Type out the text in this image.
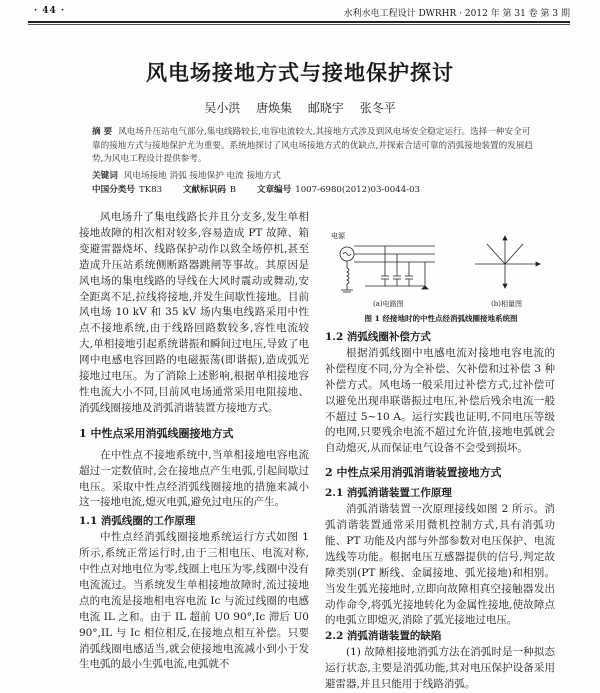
· 44 ·	水利水电工程设计 DWRHR · 2012 年 第 31 卷 第 3 期
风电场接地方式与接地保护探讨
吴小洪 唐焕集 邮晓宇 张冬平
摘 要 风电场升压站电气部分,集电线路较长,电容电流较大,其接地方式涉及到风电场安全稳定运行。选择一种安全可靠的接地方式与接地保护尤为重要。系统地探讨了风电场接地方式的优缺点,并探索合适可靠的消弧接地装置的发展趋势,为风电工程设计提供参考。
关键词 风电场接地 消弧 接地保护 电流 接地方式
中国分类号 TK83 文献标识码 B 文章编号 1007-6980(2012)03-0044-03

风电场升了集电线路长并且分支多,发生单相接地故障的相次相对较多,容易造成 PT 故障、箱变避雷器烧坏、线路保护动作以致全场停机,甚至造成升压站系统侧断路器跳闸等事故。其原因是风电场的集电线路的导线在大风时震动或舞动,安全距离不足,拉线将接地,并发生间歇性接地。目前风电场 10 kV 和 35 kV 场内集电线路采用中性点不接地系统,由于线路回路数较多,容性电流较大,单相接地引起系统谐振和瞬间过电压,导致了电网中电感电容回路的电磁振荡(即谐振),造成弧光接地过电压。为了消除上述影响,根据单相接地容性电流大小不同,目前风电场通常采用电阻接地、消弧线圈接地及消弧消谐装置方接地方式。

1 中性点采用消弧线圈接地方式

在中性点不接地系统中,当单相接地电容电流超过一定数值时,会在接地点产生电弧,引起间歇过电压。采取中性点经消弧线圈接地的措施来减小这一接地电流,熄灭电弧,避免过电压的产生。

1.1 消弧线圈的工作原理

中性点经消弧线圈接地系统运行方式如图 1 所示,系统正常运行时,由于三相电压、电流对称,中性点对地电位为零,线圈上电压为零,线圈中没有电流流过。当系统发生单相接地故障时,流过接地点的电流是接地相电容电流 Ic 与流过线圈的电感电流 IL 之和。由于 IL 超前 U0 90°,Ic 滞后 U0 90°,IL 与 Ic 相位相反,在接地点相互补偿。只要消弧线圈电感适当,就会使接地电流减小到小于发生电弧的最小生弧电流,电弧就不

电源
(a)电路图	(b)相量图
图 1 经接地时的中性点经消弧线圈接地系统图
1.2 消弧线圈补偿方式

根据消弧线圈中电感电流对接地电容电流的补偿程度不同,分为全补偿、欠补偿和过补偿 3 种补偿方式。风电场一般采用过补偿方式,过补偿可以避免出现串联谐振过电压,补偿后残余电流一般不超过 5~10 A。运行实践也证明,不同电压等级的电网,只要残余电流不超过允许值,接地电弧就会自动熄灭,从而保证电气设备不会受到损坏。

2 中性点采用消弧消谐装置接地方式
2.1 消弧消谐装置工作原理

消弧消谐装置一次原理接线如图 2 所示。消弧消谐装置通常采用微机控制方式,具有消弧功能、PT 功能及内部与外部参数对电压保护、电流选线等功能。根据电压互感器提供的信号,判定故障类别(PT 断线、金属接地、弧光接地)和相别。当发生弧光接地时,立即向故障相真空接触器发出动作命令,将弧光接地转化为金属性接地,使故障点的电弧立即熄灭,消除了弧光接地过电压。

2.2 消弧消谐装置的缺陷

(1) 故障相接地消弧方法在消弧时是一种拟态运行状态,主要是消弧功能,其对电压保护设备采用避雷器,并且只能用于线路消弧。
